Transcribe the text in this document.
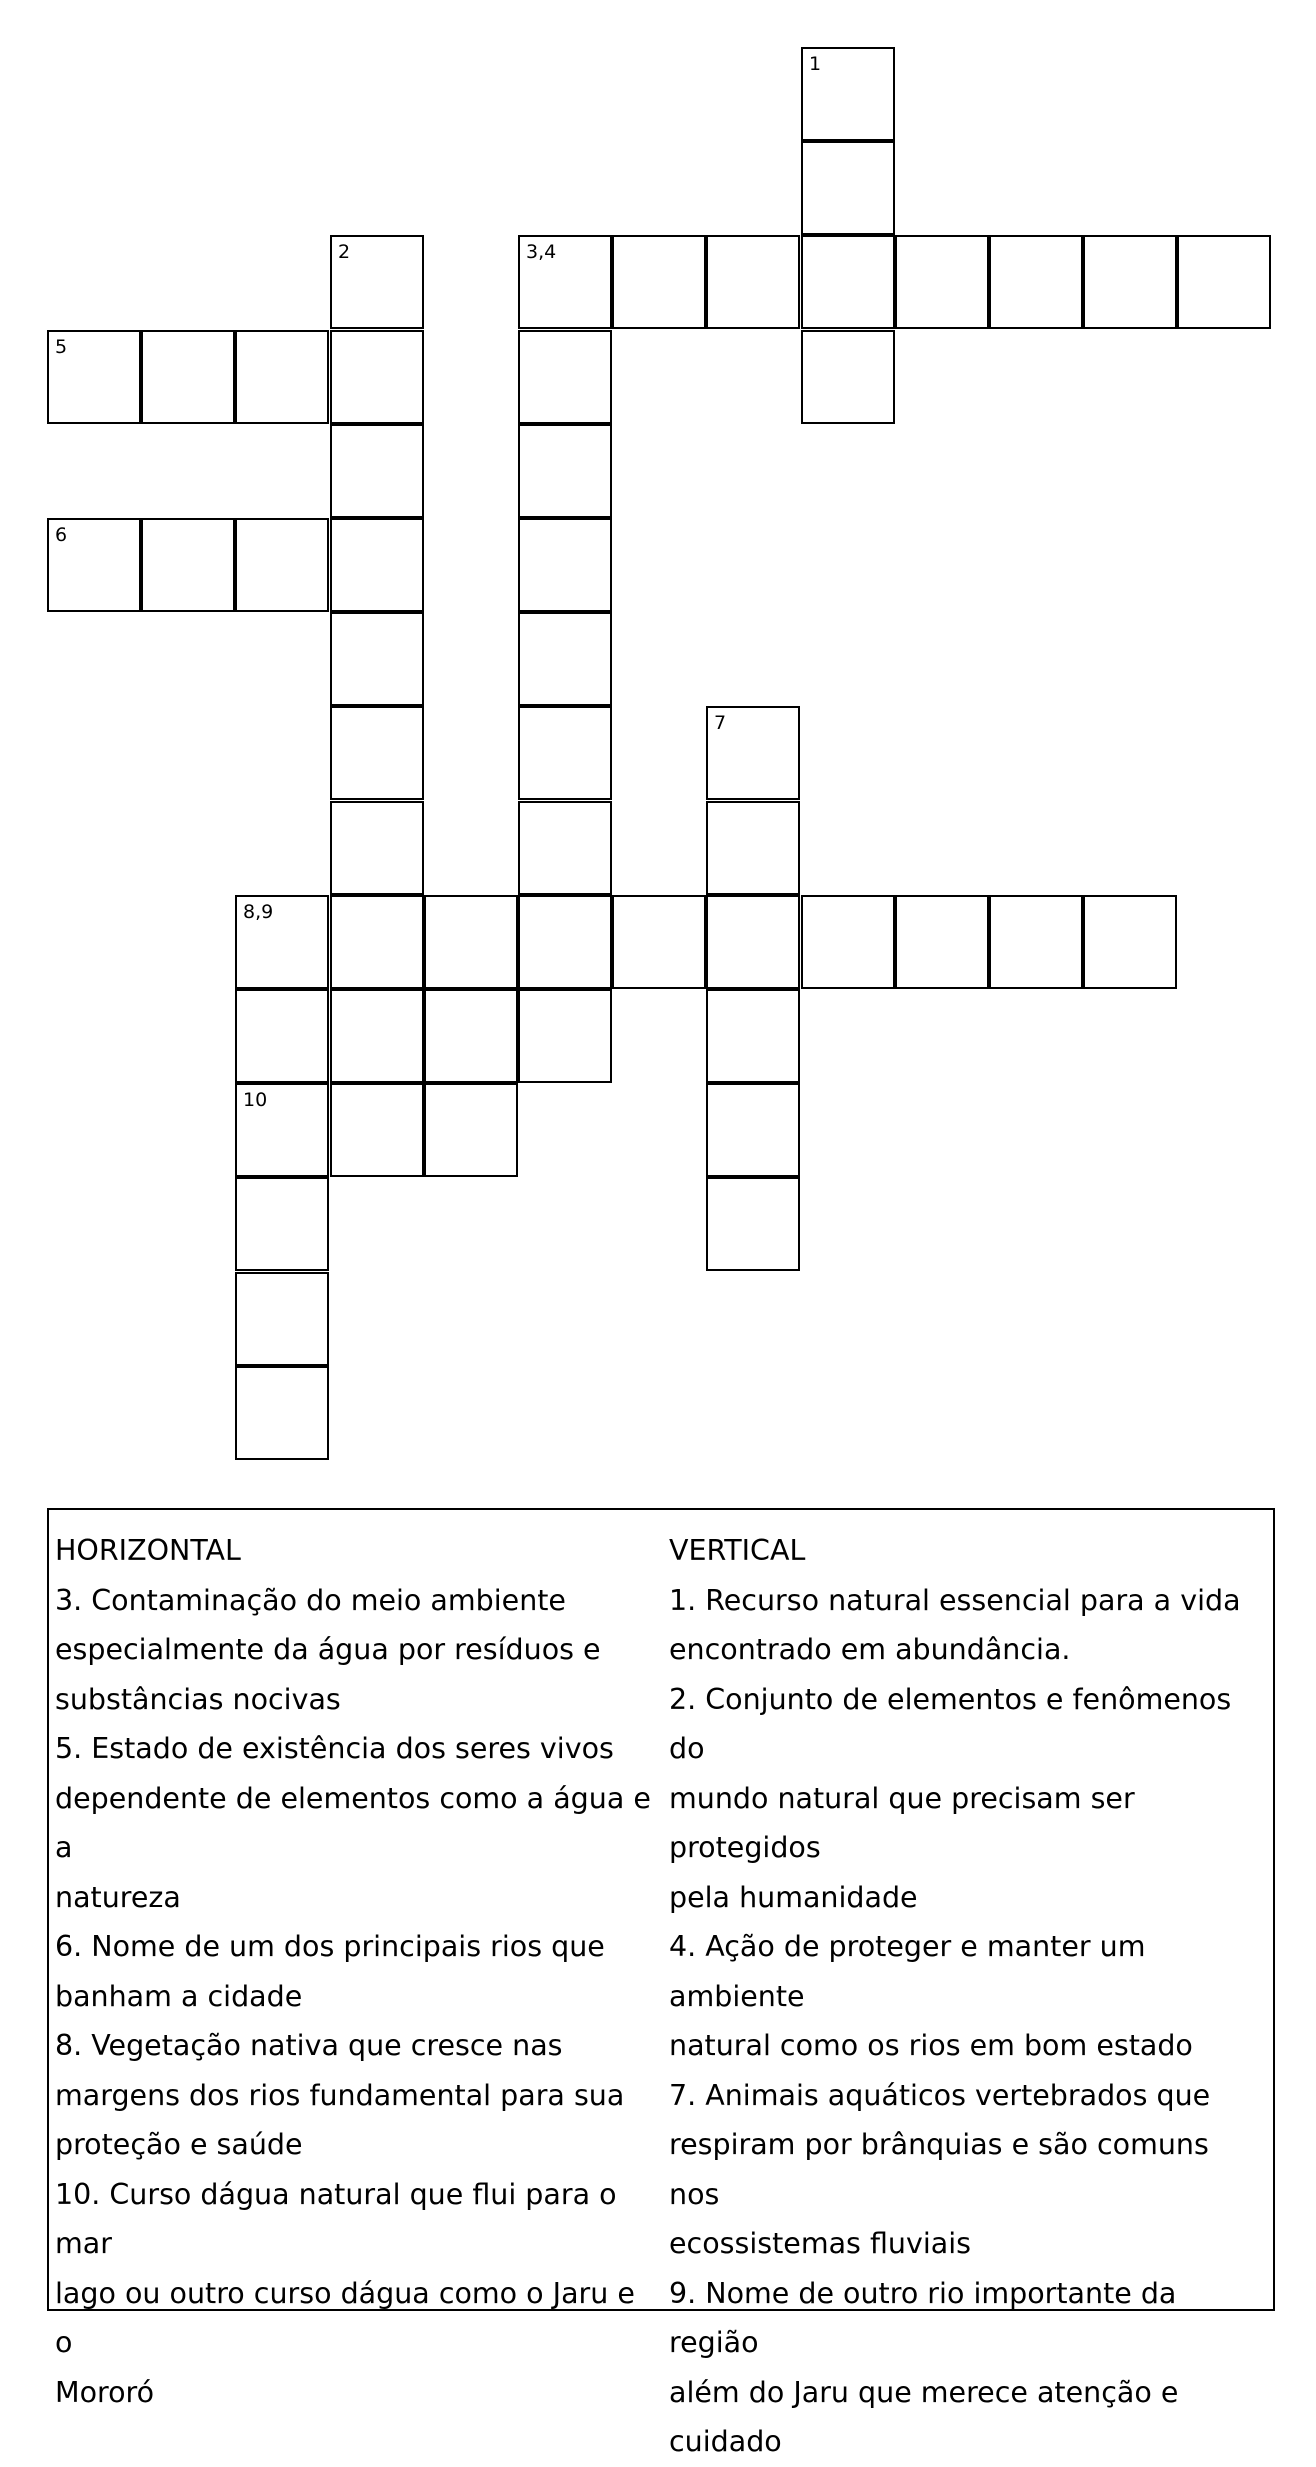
1
2	3,4
5
6
7
8,9
10
HORIZONTAL
3. Contaminação do meio ambiente
especialmente da água por resíduos e
substâncias nocivas
5. Estado de existência dos seres vivos
dependente de elementos como a água e a
natureza
6. Nome de um dos principais rios que
banham a cidade
8. Vegetação nativa que cresce nas
margens dos rios fundamental para sua
proteção e saúde
10. Curso dágua natural que flui para o mar
lago ou outro curso dágua como o Jaru e o
Mororó
VERTICAL
1. Recurso natural essencial para a vida
encontrado em abundância.
2. Conjunto de elementos e fenômenos do
mundo natural que precisam ser protegidos
pela humanidade
4. Ação de proteger e manter um ambiente
natural como os rios em bom estado
7. Animais aquáticos vertebrados que
respiram por brânquias e são comuns nos
ecossistemas fluviais
9. Nome de outro rio importante da região
além do Jaru que merece atenção e cuidado
